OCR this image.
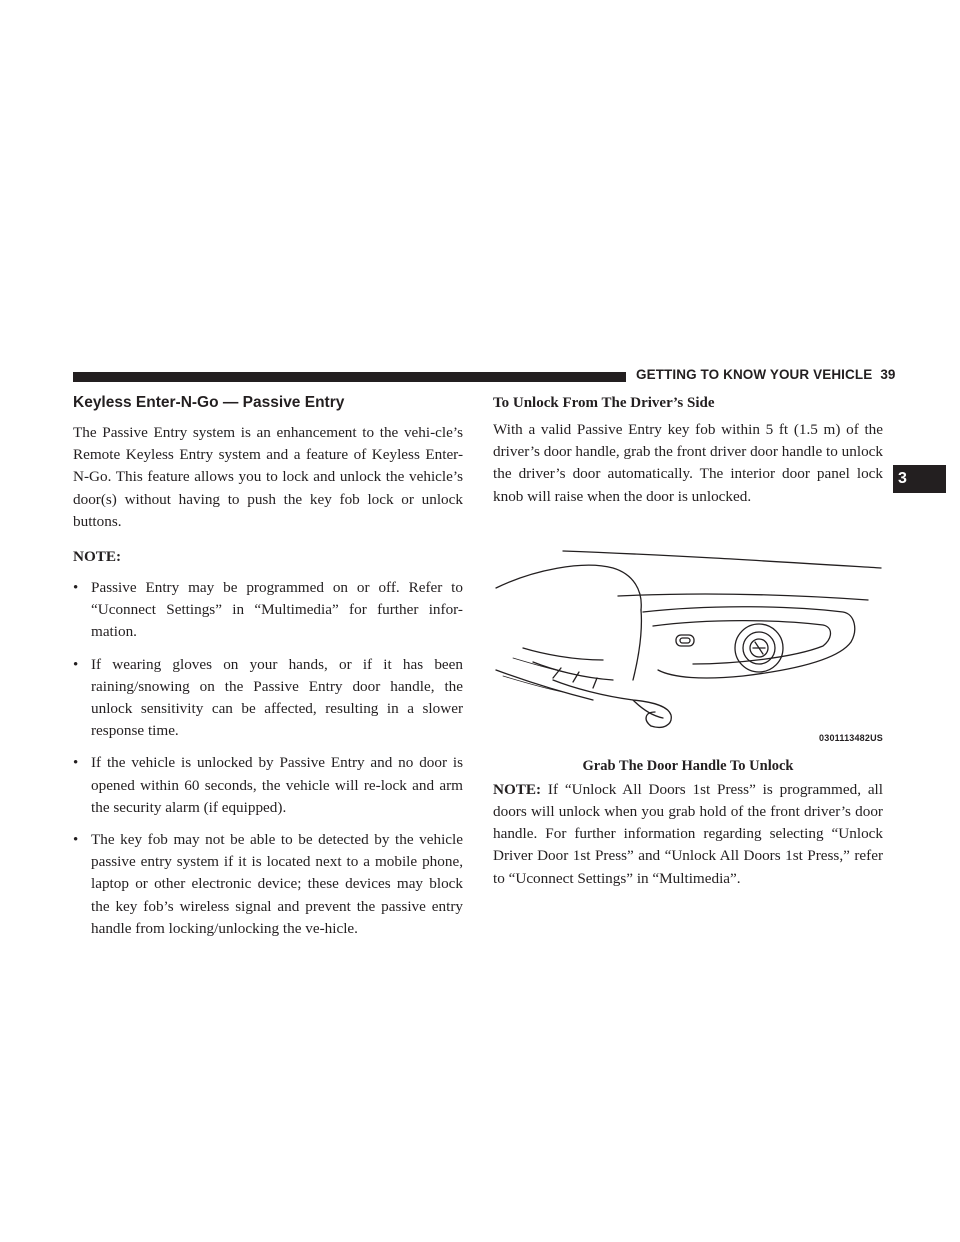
GETTING TO KNOW YOUR VEHICLE 39
3
Keyless Enter-N-Go — Passive Entry

The Passive Entry system is an enhancement to the vehi-cle’s Remote Keyless Entry system and a feature of Keyless Enter-N-Go. This feature allows you to lock and unlock the vehicle’s door(s) without having to push the key fob lock or unlock buttons.

NOTE:
• Passive Entry may be programmed on or off. Refer to “Uconnect Settings” in “Multimedia” for further infor-mation.
• If wearing gloves on your hands, or if it has been raining/snowing on the Passive Entry door handle, the unlock sensitivity can be affected, resulting in a slower response time.
• If the vehicle is unlocked by Passive Entry and no door is opened within 60 seconds, the vehicle will re-lock and arm the security alarm (if equipped).
• The key fob may not be able to be detected by the vehicle passive entry system if it is located next to a mobile phone, laptop or other electronic device; these devices may block the key fob’s wireless signal and prevent the passive entry handle from locking/unlocking the ve-hicle.
To Unlock From The Driver’s Side

With a valid Passive Entry key fob within 5 ft (1.5 m) of the driver’s door handle, grab the front driver door handle to unlock the driver’s door automatically. The interior door panel lock knob will raise when the door is unlocked.

0301113482US
Grab The Door Handle To Unlock

NOTE: If “Unlock All Doors 1st Press” is programmed, all doors will unlock when you grab hold of the front driver’s door handle. For further information regarding selecting “Unlock Driver Door 1st Press” and “Unlock All Doors 1st Press,” refer to “Uconnect Settings” in “Multimedia”.
